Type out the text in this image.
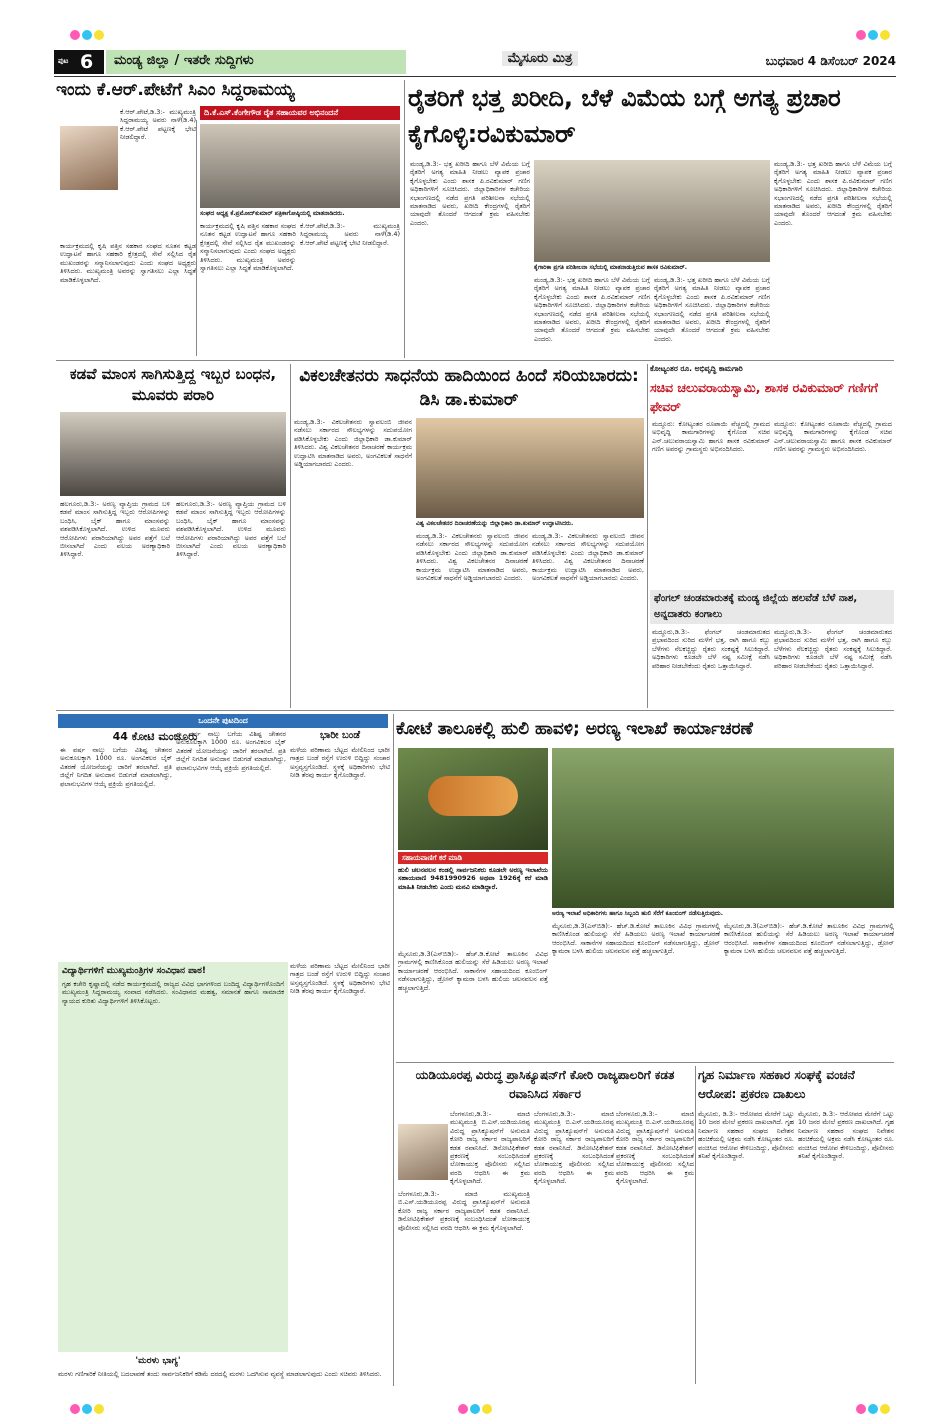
ಪುಟ 6	ಮಂಡ್ಯ ಜಿಲ್ಲಾ / ಇತರೇ ಸುದ್ದಿಗಳು	ಮೈಸೂರು ಮಿತ್ರ	ಬುಧವಾರ 4 ಡಿಸೆಂಬರ್ 2024
ಇಂದು ಕೆ.ಆರ್.ಪೇಟೆಗೆ ಸಿಎಂ ಸಿದ್ದರಾಮಯ್ಯ
ದಿ.ಕೆ.ಎಸ್.ಕೆಂಗೇಗೌಡ ರೈತ ಸಹಾಯವರ ಅಭಿನಂದನೆ
ಕೆ.ಆರ್.ಪೇಟೆ,ಡಿ.3:- ಮುಖ್ಯಮಂತ್ರಿ ಸಿದ್ದರಾಮಯ್ಯ ಅವರು ನಾಳೆ(ಡಿ.4) ಕೆ.ಆರ್.ಪೇಟೆ ಪಟ್ಟಣಕ್ಕೆ ಭೇಟಿ ನೀಡಲಿದ್ದಾರೆ.
ಕಾರ್ಯಕ್ರಮದಲ್ಲಿ ಕೃಷಿ ಪತ್ತಿನ ಸಹಕಾರ ಸಂಘದ ನೂತನ ಕಟ್ಟಡ ಉದ್ಘಾಟನೆ ಹಾಗೂ ಸಹಕಾರಿ ಕ್ಷೇತ್ರದಲ್ಲಿ ಸೇವೆ ಸಲ್ಲಿಸಿದ ರೈತ ಮುಖಂಡರನ್ನು ಸನ್ಮಾನಿಸಲಾಗುವುದು ಎಂದು ಸಂಘದ ಅಧ್ಯಕ್ಷರು ತಿಳಿಸಿದರು. ಮುಖ್ಯಮಂತ್ರಿ ಅವರನ್ನು ಸ್ವಾಗತಿಸಲು ಎಲ್ಲಾ ಸಿದ್ಧತೆ ಮಾಡಿಕೊಳ್ಳಲಾಗಿದೆ.
ಸಂಘದ ಅಧ್ಯಕ್ಷ ಕೆ.ಪ್ರಮೋದ್‌ಕುಮಾರ್ ಪತ್ರಿಕಾಗೋಷ್ಠಿಯಲ್ಲಿ ಮಾತನಾಡಿದರು.
ಕಾರ್ಯಕ್ರಮದಲ್ಲಿ ಕೃಷಿ ಪತ್ತಿನ ಸಹಕಾರ ಸಂಘದ ನೂತನ ಕಟ್ಟಡ ಉದ್ಘಾಟನೆ ಹಾಗೂ ಸಹಕಾರಿ ಕ್ಷೇತ್ರದಲ್ಲಿ ಸೇವೆ ಸಲ್ಲಿಸಿದ ರೈತ ಮುಖಂಡರನ್ನು ಸನ್ಮಾನಿಸಲಾಗುವುದು ಎಂದು ಸಂಘದ ಅಧ್ಯಕ್ಷರು ತಿಳಿಸಿದರು. ಮುಖ್ಯಮಂತ್ರಿ ಅವರನ್ನು ಸ್ವಾಗತಿಸಲು ಎಲ್ಲಾ ಸಿದ್ಧತೆ ಮಾಡಿಕೊಳ್ಳಲಾಗಿದೆ.
ಕೆ.ಆರ್.ಪೇಟೆ,ಡಿ.3:- ಮುಖ್ಯಮಂತ್ರಿ ಸಿದ್ದರಾಮಯ್ಯ ಅವರು ನಾಳೆ(ಡಿ.4) ಕೆ.ಆರ್.ಪೇಟೆ ಪಟ್ಟಣಕ್ಕೆ ಭೇಟಿ ನೀಡಲಿದ್ದಾರೆ.
ರೈತರಿಗೆ ಭತ್ತ ಖರೀದಿ, ಬೆಳೆ ವಿಮೆಯ ಬಗ್ಗೆ ಅಗತ್ಯ ಪ್ರಚಾರ ಕೈಗೊಳ್ಳಿ:ರವಿಕುಮಾರ್
ಮಂಡ್ಯ,ಡಿ.3:- ಭತ್ತ ಖರೀದಿ ಹಾಗೂ ಬೆಳೆ ವಿಮೆಯ ಬಗ್ಗೆ ರೈತರಿಗೆ ಅಗತ್ಯ ಮಾಹಿತಿ ನೀಡಲು ವ್ಯಾಪಕ ಪ್ರಚಾರ ಕೈಗೊಳ್ಳಬೇಕು ಎಂದು ಶಾಸಕ ಪಿ.ರವಿಕುಮಾರ್ ಗಣಿಗ ಅಧಿಕಾರಿಗಳಿಗೆ ಸೂಚಿಸಿದರು. ಜಿಲ್ಲಾಧಿಕಾರಿಗಳ ಕಚೇರಿಯ ಸಭಾಂಗಣದಲ್ಲಿ ನಡೆದ ಪ್ರಗತಿ ಪರಿಶೀಲನಾ ಸಭೆಯಲ್ಲಿ ಮಾತನಾಡಿದ ಅವರು, ಖರೀದಿ ಕೇಂದ್ರಗಳಲ್ಲಿ ರೈತರಿಗೆ ಯಾವುದೇ ತೊಂದರೆ ಆಗದಂತೆ ಕ್ರಮ ವಹಿಸಬೇಕು ಎಂದರು.
ಕೈಗಾರಿಕಾ ಪ್ರಗತಿ ಪರಿಶೀಲನಾ ಸಭೆಯಲ್ಲಿ ಮಾತನಾಡುತ್ತಿರುವ ಶಾಸಕ ರವಿಕುಮಾರ್.
ಮಂಡ್ಯ,ಡಿ.3:- ಭತ್ತ ಖರೀದಿ ಹಾಗೂ ಬೆಳೆ ವಿಮೆಯ ಬಗ್ಗೆ ರೈತರಿಗೆ ಅಗತ್ಯ ಮಾಹಿತಿ ನೀಡಲು ವ್ಯಾಪಕ ಪ್ರಚಾರ ಕೈಗೊಳ್ಳಬೇಕು ಎಂದು ಶಾಸಕ ಪಿ.ರವಿಕುಮಾರ್ ಗಣಿಗ ಅಧಿಕಾರಿಗಳಿಗೆ ಸೂಚಿಸಿದರು. ಜಿಲ್ಲಾಧಿಕಾರಿಗಳ ಕಚೇರಿಯ ಸಭಾಂಗಣದಲ್ಲಿ ನಡೆದ ಪ್ರಗತಿ ಪರಿಶೀಲನಾ ಸಭೆಯಲ್ಲಿ ಮಾತನಾಡಿದ ಅವರು, ಖರೀದಿ ಕೇಂದ್ರಗಳಲ್ಲಿ ರೈತರಿಗೆ ಯಾವುದೇ ತೊಂದರೆ ಆಗದಂತೆ ಕ್ರಮ ವಹಿಸಬೇಕು ಎಂದರು.
ಮಂಡ್ಯ,ಡಿ.3:- ಭತ್ತ ಖರೀದಿ ಹಾಗೂ ಬೆಳೆ ವಿಮೆಯ ಬಗ್ಗೆ ರೈತರಿಗೆ ಅಗತ್ಯ ಮಾಹಿತಿ ನೀಡಲು ವ್ಯಾಪಕ ಪ್ರಚಾರ ಕೈಗೊಳ್ಳಬೇಕು ಎಂದು ಶಾಸಕ ಪಿ.ರವಿಕುಮಾರ್ ಗಣಿಗ ಅಧಿಕಾರಿಗಳಿಗೆ ಸೂಚಿಸಿದರು. ಜಿಲ್ಲಾಧಿಕಾರಿಗಳ ಕಚೇರಿಯ ಸಭಾಂಗಣದಲ್ಲಿ ನಡೆದ ಪ್ರಗತಿ ಪರಿಶೀಲನಾ ಸಭೆಯಲ್ಲಿ ಮಾತನಾಡಿದ ಅವರು, ಖರೀದಿ ಕೇಂದ್ರಗಳಲ್ಲಿ ರೈತರಿಗೆ ಯಾವುದೇ ತೊಂದರೆ ಆಗದಂತೆ ಕ್ರಮ ವಹಿಸಬೇಕು ಎಂದರು.
ಮಂಡ್ಯ,ಡಿ.3:- ಭತ್ತ ಖರೀದಿ ಹಾಗೂ ಬೆಳೆ ವಿಮೆಯ ಬಗ್ಗೆ ರೈತರಿಗೆ ಅಗತ್ಯ ಮಾಹಿತಿ ನೀಡಲು ವ್ಯಾಪಕ ಪ್ರಚಾರ ಕೈಗೊಳ್ಳಬೇಕು ಎಂದು ಶಾಸಕ ಪಿ.ರವಿಕುಮಾರ್ ಗಣಿಗ ಅಧಿಕಾರಿಗಳಿಗೆ ಸೂಚಿಸಿದರು. ಜಿಲ್ಲಾಧಿಕಾರಿಗಳ ಕಚೇರಿಯ ಸಭಾಂಗಣದಲ್ಲಿ ನಡೆದ ಪ್ರಗತಿ ಪರಿಶೀಲನಾ ಸಭೆಯಲ್ಲಿ ಮಾತನಾಡಿದ ಅವರು, ಖರೀದಿ ಕೇಂದ್ರಗಳಲ್ಲಿ ರೈತರಿಗೆ ಯಾವುದೇ ತೊಂದರೆ ಆಗದಂತೆ ಕ್ರಮ ವಹಿಸಬೇಕು ಎಂದರು.
ಕಡವೆ ಮಾಂಸ ಸಾಗಿಸುತ್ತಿದ್ದ ಇಬ್ಬರ ಬಂಧನ, ಮೂವರು ಪರಾರಿ
ಹಲಗೂರು,ಡಿ.3:- ಅರಣ್ಯ ವ್ಯಾಪ್ತಿಯ ಗ್ರಾಮದ ಬಳಿ ಕಡವೆ ಮಾಂಸ ಸಾಗಿಸುತ್ತಿದ್ದ ಇಬ್ಬರು ಆರೋಪಿಗಳನ್ನು ಬಂಧಿಸಿ, ಬೈಕ್ ಹಾಗೂ ಮಾಂಸವನ್ನು ವಶಪಡಿಸಿಕೊಳ್ಳಲಾಗಿದೆ. ಉಳಿದ ಮೂವರು ಆರೋಪಿಗಳು ಪರಾರಿಯಾಗಿದ್ದು ಅವರ ಪತ್ತೆಗೆ ಬಲೆ ಬೀಸಲಾಗಿದೆ ಎಂದು ವಲಯ ಅರಣ್ಯಾಧಿಕಾರಿ ತಿಳಿಸಿದ್ದಾರೆ.
ಹಲಗೂರು,ಡಿ.3:- ಅರಣ್ಯ ವ್ಯಾಪ್ತಿಯ ಗ್ರಾಮದ ಬಳಿ ಕಡವೆ ಮಾಂಸ ಸಾಗಿಸುತ್ತಿದ್ದ ಇಬ್ಬರು ಆರೋಪಿಗಳನ್ನು ಬಂಧಿಸಿ, ಬೈಕ್ ಹಾಗೂ ಮಾಂಸವನ್ನು ವಶಪಡಿಸಿಕೊಳ್ಳಲಾಗಿದೆ. ಉಳಿದ ಮೂವರು ಆರೋಪಿಗಳು ಪರಾರಿಯಾಗಿದ್ದು ಅವರ ಪತ್ತೆಗೆ ಬಲೆ ಬೀಸಲಾಗಿದೆ ಎಂದು ವಲಯ ಅರಣ್ಯಾಧಿಕಾರಿ ತಿಳಿಸಿದ್ದಾರೆ.
ವಿಕಲಚೇತನರು ಸಾಧನೆಯ ಹಾದಿಯಿಂದ ಹಿಂದೆ ಸರಿಯಬಾರದು: ಡಿಸಿ ಡಾ.ಕುಮಾರ್
ಮಂಡ್ಯ,ಡಿ.3:- ವಿಕಲಚೇತನರು ಸ್ವಾವಲಂಬಿ ಜೀವನ ನಡೆಸಲು ಸರ್ಕಾರದ ಸೌಲಭ್ಯಗಳನ್ನು ಸದುಪಯೋಗ ಪಡಿಸಿಕೊಳ್ಳಬೇಕು ಎಂದು ಜಿಲ್ಲಾಧಿಕಾರಿ ಡಾ.ಕುಮಾರ್ ತಿಳಿಸಿದರು. ವಿಶ್ವ ವಿಕಲಚೇತನರ ದಿನಾಚರಣೆ ಕಾರ್ಯಕ್ರಮ ಉದ್ಘಾಟಿಸಿ ಮಾತನಾಡಿದ ಅವರು, ಅಂಗವಿಕಲತೆ ಸಾಧನೆಗೆ ಅಡ್ಡಿಯಾಗಬಾರದು ಎಂದರು.
ವಿಶ್ವ ವಿಕಲಚೇತನರ ದಿನಾಚರಣೆಯನ್ನು ಜಿಲ್ಲಾಧಿಕಾರಿ ಡಾ.ಕುಮಾರ್ ಉದ್ಘಾಟಿಸಿದರು.
ಮಂಡ್ಯ,ಡಿ.3:- ವಿಕಲಚೇತನರು ಸ್ವಾವಲಂಬಿ ಜೀವನ ನಡೆಸಲು ಸರ್ಕಾರದ ಸೌಲಭ್ಯಗಳನ್ನು ಸದುಪಯೋಗ ಪಡಿಸಿಕೊಳ್ಳಬೇಕು ಎಂದು ಜಿಲ್ಲಾಧಿಕಾರಿ ಡಾ.ಕುಮಾರ್ ತಿಳಿಸಿದರು. ವಿಶ್ವ ವಿಕಲಚೇತನರ ದಿನಾಚರಣೆ ಕಾರ್ಯಕ್ರಮ ಉದ್ಘಾಟಿಸಿ ಮಾತನಾಡಿದ ಅವರು, ಅಂಗವಿಕಲತೆ ಸಾಧನೆಗೆ ಅಡ್ಡಿಯಾಗಬಾರದು ಎಂದರು.
ಮಂಡ್ಯ,ಡಿ.3:- ವಿಕಲಚೇತನರು ಸ್ವಾವಲಂಬಿ ಜೀವನ ನಡೆಸಲು ಸರ್ಕಾರದ ಸೌಲಭ್ಯಗಳನ್ನು ಸದುಪಯೋಗ ಪಡಿಸಿಕೊಳ್ಳಬೇಕು ಎಂದು ಜಿಲ್ಲಾಧಿಕಾರಿ ಡಾ.ಕುಮಾರ್ ತಿಳಿಸಿದರು. ವಿಶ್ವ ವಿಕಲಚೇತನರ ದಿನಾಚರಣೆ ಕಾರ್ಯಕ್ರಮ ಉದ್ಘಾಟಿಸಿ ಮಾತನಾಡಿದ ಅವರು, ಅಂಗವಿಕಲತೆ ಸಾಧನೆಗೆ ಅಡ್ಡಿಯಾಗಬಾರದು ಎಂದರು.
ಕೋಟ್ಯಂತರ ರೂ. ಅಭಿವೃದ್ಧಿ ಕಾಮಗಾರಿ
ಸಚಿವ ಚಲುವರಾಯಸ್ವಾಮಿ, ಶಾಸಕ ರವಿಕುಮಾರ್ ಗಣಿಗಗೆ ಫೇವರ್
ಮದ್ದೂರು: ಕೋಟ್ಯಂತರ ರೂಪಾಯಿ ವೆಚ್ಚದಲ್ಲಿ ಗ್ರಾಮದ ಅಭಿವೃದ್ಧಿ ಕಾಮಗಾರಿಗಳನ್ನು ಕೈಗೊಂಡ ಸಚಿವ ಎನ್.ಚಲುವರಾಯಸ್ವಾಮಿ ಹಾಗೂ ಶಾಸಕ ರವಿಕುಮಾರ್ ಗಣಿಗ ಅವರನ್ನು ಗ್ರಾಮಸ್ಥರು ಅಭಿನಂದಿಸಿದರು.
ಮದ್ದೂರು: ಕೋಟ್ಯಂತರ ರೂಪಾಯಿ ವೆಚ್ಚದಲ್ಲಿ ಗ್ರಾಮದ ಅಭಿವೃದ್ಧಿ ಕಾಮಗಾರಿಗಳನ್ನು ಕೈಗೊಂಡ ಸಚಿವ ಎನ್.ಚಲುವರಾಯಸ್ವಾಮಿ ಹಾಗೂ ಶಾಸಕ ರವಿಕುಮಾರ್ ಗಣಿಗ ಅವರನ್ನು ಗ್ರಾಮಸ್ಥರು ಅಭಿನಂದಿಸಿದರು.
ಫೆಂಗಲ್ ಚಂಡಮಾರುತಕ್ಕೆ ಮಂಡ್ಯ ಜಿಲ್ಲೆಯ ಹಲವೆಡೆ ಬೆಳೆ ನಾಶ, ಅನ್ನದಾತರು ಕಂಗಾಲು
ಮದ್ದೂರು,ಡಿ.3:- ಫೆಂಗಲ್ ಚಂಡಮಾರುತದ ಪ್ರಭಾವದಿಂದ ಸುರಿದ ಮಳೆಗೆ ಭತ್ತ, ರಾಗಿ ಹಾಗೂ ಕಬ್ಬು ಬೆಳೆಗಳು ನೆಲಕಚ್ಚಿದ್ದು ರೈತರು ಸಂಕಷ್ಟಕ್ಕೆ ಸಿಲುಕಿದ್ದಾರೆ. ಅಧಿಕಾರಿಗಳು ಕೂಡಲೇ ಬೆಳೆ ನಷ್ಟ ಸಮೀಕ್ಷೆ ನಡೆಸಿ ಪರಿಹಾರ ನೀಡಬೇಕೆಂದು ರೈತರು ಒತ್ತಾಯಿಸಿದ್ದಾರೆ.
ಮದ್ದೂರು,ಡಿ.3:- ಫೆಂಗಲ್ ಚಂಡಮಾರುತದ ಪ್ರಭಾವದಿಂದ ಸುರಿದ ಮಳೆಗೆ ಭತ್ತ, ರಾಗಿ ಹಾಗೂ ಕಬ್ಬು ಬೆಳೆಗಳು ನೆಲಕಚ್ಚಿದ್ದು ರೈತರು ಸಂಕಷ್ಟಕ್ಕೆ ಸಿಲುಕಿದ್ದಾರೆ. ಅಧಿಕಾರಿಗಳು ಕೂಡಲೇ ಬೆಳೆ ನಷ್ಟ ಸಮೀಕ್ಷೆ ನಡೆಸಿ ಪರಿಹಾರ ನೀಡಬೇಕೆಂದು ರೈತರು ಒತ್ತಾಯಿಸಿದ್ದಾರೆ.
ಒಂದನೇ ಪುಟದಿಂದ
44 ಕೋಟಿ ಮಂಜೂರು
ಈ ವರ್ಷ ನಾಲ್ಕು ಬಗೆಯ ವಿಶಿಷ್ಟ ಚೇತನರ ಅನುಕೂಲಕ್ಕಾಗಿ 1000 ರೂ. ಅಂಗವಿಕಲರ ಬೈಕ್ ವಿತರಣೆ ಯೋಜನೆಯನ್ನು ಜಾರಿಗೆ ತರಲಾಗಿದೆ. ಪ್ರತಿ ಜಿಲ್ಲೆಗೆ ನಿಗದಿತ ಅನುದಾನ ಬಿಡುಗಡೆ ಮಾಡಲಾಗಿದ್ದು, ಫಲಾನುಭವಿಗಳ ಆಯ್ಕೆ ಪ್ರಕ್ರಿಯೆ ಪ್ರಗತಿಯಲ್ಲಿದೆ.
ಈ ವರ್ಷ ನಾಲ್ಕು ಬಗೆಯ ವಿಶಿಷ್ಟ ಚೇತನರ ಅನುಕೂಲಕ್ಕಾಗಿ 1000 ರೂ. ಅಂಗವಿಕಲರ ಬೈಕ್ ವಿತರಣೆ ಯೋಜನೆಯನ್ನು ಜಾರಿಗೆ ತರಲಾಗಿದೆ. ಪ್ರತಿ ಜಿಲ್ಲೆಗೆ ನಿಗದಿತ ಅನುದಾನ ಬಿಡುಗಡೆ ಮಾಡಲಾಗಿದ್ದು, ಫಲಾನುಭವಿಗಳ ಆಯ್ಕೆ ಪ್ರಕ್ರಿಯೆ ಪ್ರಗತಿಯಲ್ಲಿದೆ.
ಭಾರೀ ಬಂಡೆ
ಮಳೆಯ ಪರಿಣಾಮ ಬೆಟ್ಟದ ಮೇಲಿನಿಂದ ಭಾರೀ ಗಾತ್ರದ ಬಂಡೆ ರಸ್ತೆಗೆ ಉರುಳಿ ಬಿದ್ದಿದ್ದು ಸಂಚಾರ ಅಸ್ತವ್ಯಸ್ತಗೊಂಡಿದೆ. ಸ್ಥಳಕ್ಕೆ ಅಧಿಕಾರಿಗಳು ಭೇಟಿ ನೀಡಿ ತೆರವು ಕಾರ್ಯ ಕೈಗೊಂಡಿದ್ದಾರೆ.
ವಿದ್ಯಾರ್ಥಿಗಳಿಗೆ ಮುಖ್ಯಮಂತ್ರಿಗಳ ಸಂವಿಧಾನ ಪಾಠ!
ಗೃಹ ಕಚೇರಿ ಕೃಷ್ಣಾದಲ್ಲಿ ನಡೆದ ಕಾರ್ಯಕ್ರಮದಲ್ಲಿ ರಾಜ್ಯದ ವಿವಿಧ ಭಾಗಗಳಿಂದ ಬಂದಿದ್ದ ವಿದ್ಯಾರ್ಥಿಗಳೊಂದಿಗೆ ಮುಖ್ಯಮಂತ್ರಿ ಸಿದ್ದರಾಮಯ್ಯ ಸಂವಾದ ನಡೆಸಿದರು. ಸಂವಿಧಾನದ ಮಹತ್ವ, ಸಮಾನತೆ ಹಾಗೂ ಸಾಮಾಜಿಕ ನ್ಯಾಯದ ಕುರಿತು ವಿದ್ಯಾರ್ಥಿಗಳಿಗೆ ತಿಳಿಸಿಕೊಟ್ಟರು.
ಮಳೆಯ ಪರಿಣಾಮ ಬೆಟ್ಟದ ಮೇಲಿನಿಂದ ಭಾರೀ ಗಾತ್ರದ ಬಂಡೆ ರಸ್ತೆಗೆ ಉರುಳಿ ಬಿದ್ದಿದ್ದು ಸಂಚಾರ ಅಸ್ತವ್ಯಸ್ತಗೊಂಡಿದೆ. ಸ್ಥಳಕ್ಕೆ ಅಧಿಕಾರಿಗಳು ಭೇಟಿ ನೀಡಿ ತೆರವು ಕಾರ್ಯ ಕೈಗೊಂಡಿದ್ದಾರೆ.
'ಮರಳು ಭಾಗ್ಯ'
ಮರಳು ಗಣಿಗಾರಿಕೆ ನೀತಿಯಲ್ಲಿ ಬದಲಾವಣೆ ತಂದು ಸಾರ್ವಜನಿಕರಿಗೆ ಕಡಿಮೆ ದರದಲ್ಲಿ ಮರಳು ಒದಗಿಸುವ ವ್ಯವಸ್ಥೆ ಮಾಡಲಾಗುವುದು ಎಂದು ಸಚಿವರು ತಿಳಿಸಿದರು.
ಕೋಟೆ ತಾಲೂಕಲ್ಲಿ ಹುಲಿ ಹಾವಳಿ; ಅರಣ್ಯ ಇಲಾಖೆ ಕಾರ್ಯಾಚರಣೆ
ಸಹಾಯವಾಣಿಗೆ ಕರೆ ಮಾಡಿ
ಹುಲಿ ಚಲನವಲನ ಕಂಡಲ್ಲಿ ಸಾರ್ವಜನಿಕರು ಕೂಡಲೇ ಅರಣ್ಯ ಇಲಾಖೆಯ ಸಹಾಯವಾಣಿ 9481990926 ಅಥವಾ 1926ಕ್ಕೆ ಕರೆ ಮಾಡಿ ಮಾಹಿತಿ ನೀಡಬೇಕು ಎಂದು ಮನವಿ ಮಾಡಿದ್ದಾರೆ.
ಅರಣ್ಯ ಇಲಾಖೆ ಅಧಿಕಾರಿಗಳು ಹಾಗೂ ಸಿಬ್ಬಂದಿ ಹುಲಿ ಸೆರೆಗೆ ಕೂಂಬಿಂಗ್ ನಡೆಸುತ್ತಿರುವುದು.
ಮೈಸೂರು,ಡಿ.3(ಎಸ್‌ಬಿಡಿ):- ಹೆಚ್.ಡಿ.ಕೋಟೆ ತಾಲೂಕಿನ ವಿವಿಧ ಗ್ರಾಮಗಳಲ್ಲಿ ಕಾಣಿಸಿಕೊಂಡ ಹುಲಿಯನ್ನು ಸೆರೆ ಹಿಡಿಯಲು ಅರಣ್ಯ ಇಲಾಖೆ ಕಾರ್ಯಾಚರಣೆ ಆರಂಭಿಸಿದೆ. ಸಾಕಾನೆಗಳ ಸಹಾಯದಿಂದ ಕೂಂಬಿಂಗ್ ನಡೆಸಲಾಗುತ್ತಿದ್ದು, ಡ್ರೋನ್ ಕ್ಯಾಮರಾ ಬಳಸಿ ಹುಲಿಯ ಚಲನವಲನ ಪತ್ತೆ ಹಚ್ಚಲಾಗುತ್ತಿದೆ.
ಮೈಸೂರು,ಡಿ.3(ಎಸ್‌ಬಿಡಿ):- ಹೆಚ್.ಡಿ.ಕೋಟೆ ತಾಲೂಕಿನ ವಿವಿಧ ಗ್ರಾಮಗಳಲ್ಲಿ ಕಾಣಿಸಿಕೊಂಡ ಹುಲಿಯನ್ನು ಸೆರೆ ಹಿಡಿಯಲು ಅರಣ್ಯ ಇಲಾಖೆ ಕಾರ್ಯಾಚರಣೆ ಆರಂಭಿಸಿದೆ. ಸಾಕಾನೆಗಳ ಸಹಾಯದಿಂದ ಕೂಂಬಿಂಗ್ ನಡೆಸಲಾಗುತ್ತಿದ್ದು, ಡ್ರೋನ್ ಕ್ಯಾಮರಾ ಬಳಸಿ ಹುಲಿಯ ಚಲನವಲನ ಪತ್ತೆ ಹಚ್ಚಲಾಗುತ್ತಿದೆ.
ಮೈಸೂರು,ಡಿ.3(ಎಸ್‌ಬಿಡಿ):- ಹೆಚ್.ಡಿ.ಕೋಟೆ ತಾಲೂಕಿನ ವಿವಿಧ ಗ್ರಾಮಗಳಲ್ಲಿ ಕಾಣಿಸಿಕೊಂಡ ಹುಲಿಯನ್ನು ಸೆರೆ ಹಿಡಿಯಲು ಅರಣ್ಯ ಇಲಾಖೆ ಕಾರ್ಯಾಚರಣೆ ಆರಂಭಿಸಿದೆ. ಸಾಕಾನೆಗಳ ಸಹಾಯದಿಂದ ಕೂಂಬಿಂಗ್ ನಡೆಸಲಾಗುತ್ತಿದ್ದು, ಡ್ರೋನ್ ಕ್ಯಾಮರಾ ಬಳಸಿ ಹುಲಿಯ ಚಲನವಲನ ಪತ್ತೆ ಹಚ್ಚಲಾಗುತ್ತಿದೆ.
ಯಡಿಯೂರಪ್ಪ ವಿರುದ್ಧ ಪ್ರಾಸಿಕ್ಯೂಷನ್‌ಗೆ ಕೋರಿ ರಾಜ್ಯಪಾಲರಿಗೆ ಕಡತ ರವಾನಿಸಿದ ಸರ್ಕಾರ
ಬೆಂಗಳೂರು,ಡಿ.3:- ಮಾಜಿ ಮುಖ್ಯಮಂತ್ರಿ ಬಿ.ಎಸ್.ಯಡಿಯೂರಪ್ಪ ವಿರುದ್ಧ ಪ್ರಾಸಿಕ್ಯೂಷನ್‌ಗೆ ಅನುಮತಿ ಕೋರಿ ರಾಜ್ಯ ಸರ್ಕಾರ ರಾಜ್ಯಪಾಲರಿಗೆ ಕಡತ ರವಾನಿಸಿದೆ. ಡಿನೋಟಿಫಿಕೇಶನ್ ಪ್ರಕರಣಕ್ಕೆ ಸಂಬಂಧಿಸಿದಂತೆ ಲೋಕಾಯುಕ್ತ ಪೊಲೀಸರು ಸಲ್ಲಿಸಿದ ವರದಿ ಆಧರಿಸಿ ಈ ಕ್ರಮ ಕೈಗೊಳ್ಳಲಾಗಿದೆ.
ಬೆಂಗಳೂರು,ಡಿ.3:- ಮಾಜಿ ಮುಖ್ಯಮಂತ್ರಿ ಬಿ.ಎಸ್.ಯಡಿಯೂರಪ್ಪ ವಿರುದ್ಧ ಪ್ರಾಸಿಕ್ಯೂಷನ್‌ಗೆ ಅನುಮತಿ ಕೋರಿ ರಾಜ್ಯ ಸರ್ಕಾರ ರಾಜ್ಯಪಾಲರಿಗೆ ಕಡತ ರವಾನಿಸಿದೆ. ಡಿನೋಟಿಫಿಕೇಶನ್ ಪ್ರಕರಣಕ್ಕೆ ಸಂಬಂಧಿಸಿದಂತೆ ಲೋಕಾಯುಕ್ತ ಪೊಲೀಸರು ಸಲ್ಲಿಸಿದ ವರದಿ ಆಧರಿಸಿ ಈ ಕ್ರಮ ಕೈಗೊಳ್ಳಲಾಗಿದೆ.
ಬೆಂಗಳೂರು,ಡಿ.3:- ಮಾಜಿ ಮುಖ್ಯಮಂತ್ರಿ ಬಿ.ಎಸ್.ಯಡಿಯೂರಪ್ಪ ವಿರುದ್ಧ ಪ್ರಾಸಿಕ್ಯೂಷನ್‌ಗೆ ಅನುಮತಿ ಕೋರಿ ರಾಜ್ಯ ಸರ್ಕಾರ ರಾಜ್ಯಪಾಲರಿಗೆ ಕಡತ ರವಾನಿಸಿದೆ. ಡಿನೋಟಿಫಿಕೇಶನ್ ಪ್ರಕರಣಕ್ಕೆ ಸಂಬಂಧಿಸಿದಂತೆ ಲೋಕಾಯುಕ್ತ ಪೊಲೀಸರು ಸಲ್ಲಿಸಿದ ವರದಿ ಆಧರಿಸಿ ಈ ಕ್ರಮ ಕೈಗೊಳ್ಳಲಾಗಿದೆ.
ಬೆಂಗಳೂರು,ಡಿ.3:- ಮಾಜಿ ಮುಖ್ಯಮಂತ್ರಿ ಬಿ.ಎಸ್.ಯಡಿಯೂರಪ್ಪ ವಿರುದ್ಧ ಪ್ರಾಸಿಕ್ಯೂಷನ್‌ಗೆ ಅನುಮತಿ ಕೋರಿ ರಾಜ್ಯ ಸರ್ಕಾರ ರಾಜ್ಯಪಾಲರಿಗೆ ಕಡತ ರವಾನಿಸಿದೆ. ಡಿನೋಟಿಫಿಕೇಶನ್ ಪ್ರಕರಣಕ್ಕೆ ಸಂಬಂಧಿಸಿದಂತೆ ಲೋಕಾಯುಕ್ತ ಪೊಲೀಸರು ಸಲ್ಲಿಸಿದ ವರದಿ ಆಧರಿಸಿ ಈ ಕ್ರಮ ಕೈಗೊಳ್ಳಲಾಗಿದೆ.
ಗೃಹ ನಿರ್ಮಾಣ ಸಹಕಾರ ಸಂಘಕ್ಕೆ ವಂಚನೆ ಆರೋಪ: ಪ್ರಕರಣ ದಾಖಲು
ಮೈಸೂರು, ಡಿ.3:- ಆರೋಪದ ಮೇರೆಗೆ ಒಟ್ಟು 10 ಜನರ ಮೇಲೆ ಪ್ರಕರಣ ದಾಖಲಾಗಿದೆ. ಗೃಹ ನಿರ್ಮಾಣ ಸಹಕಾರ ಸಂಘದ ನಿವೇಶನ ಹಂಚಿಕೆಯಲ್ಲಿ ಅಕ್ರಮ ನಡೆಸಿ ಕೋಟ್ಯಂತರ ರೂ. ವಂಚಿಸಿದ ಆರೋಪ ಕೇಳಿಬಂದಿದ್ದು, ಪೊಲೀಸರು ತನಿಖೆ ಕೈಗೊಂಡಿದ್ದಾರೆ.
ಮೈಸೂರು, ಡಿ.3:- ಆರೋಪದ ಮೇರೆಗೆ ಒಟ್ಟು 10 ಜನರ ಮೇಲೆ ಪ್ರಕರಣ ದಾಖಲಾಗಿದೆ. ಗೃಹ ನಿರ್ಮಾಣ ಸಹಕಾರ ಸಂಘದ ನಿವೇಶನ ಹಂಚಿಕೆಯಲ್ಲಿ ಅಕ್ರಮ ನಡೆಸಿ ಕೋಟ್ಯಂತರ ರೂ. ವಂಚಿಸಿದ ಆರೋಪ ಕೇಳಿಬಂದಿದ್ದು, ಪೊಲೀಸರು ತನಿಖೆ ಕೈಗೊಂಡಿದ್ದಾರೆ.
